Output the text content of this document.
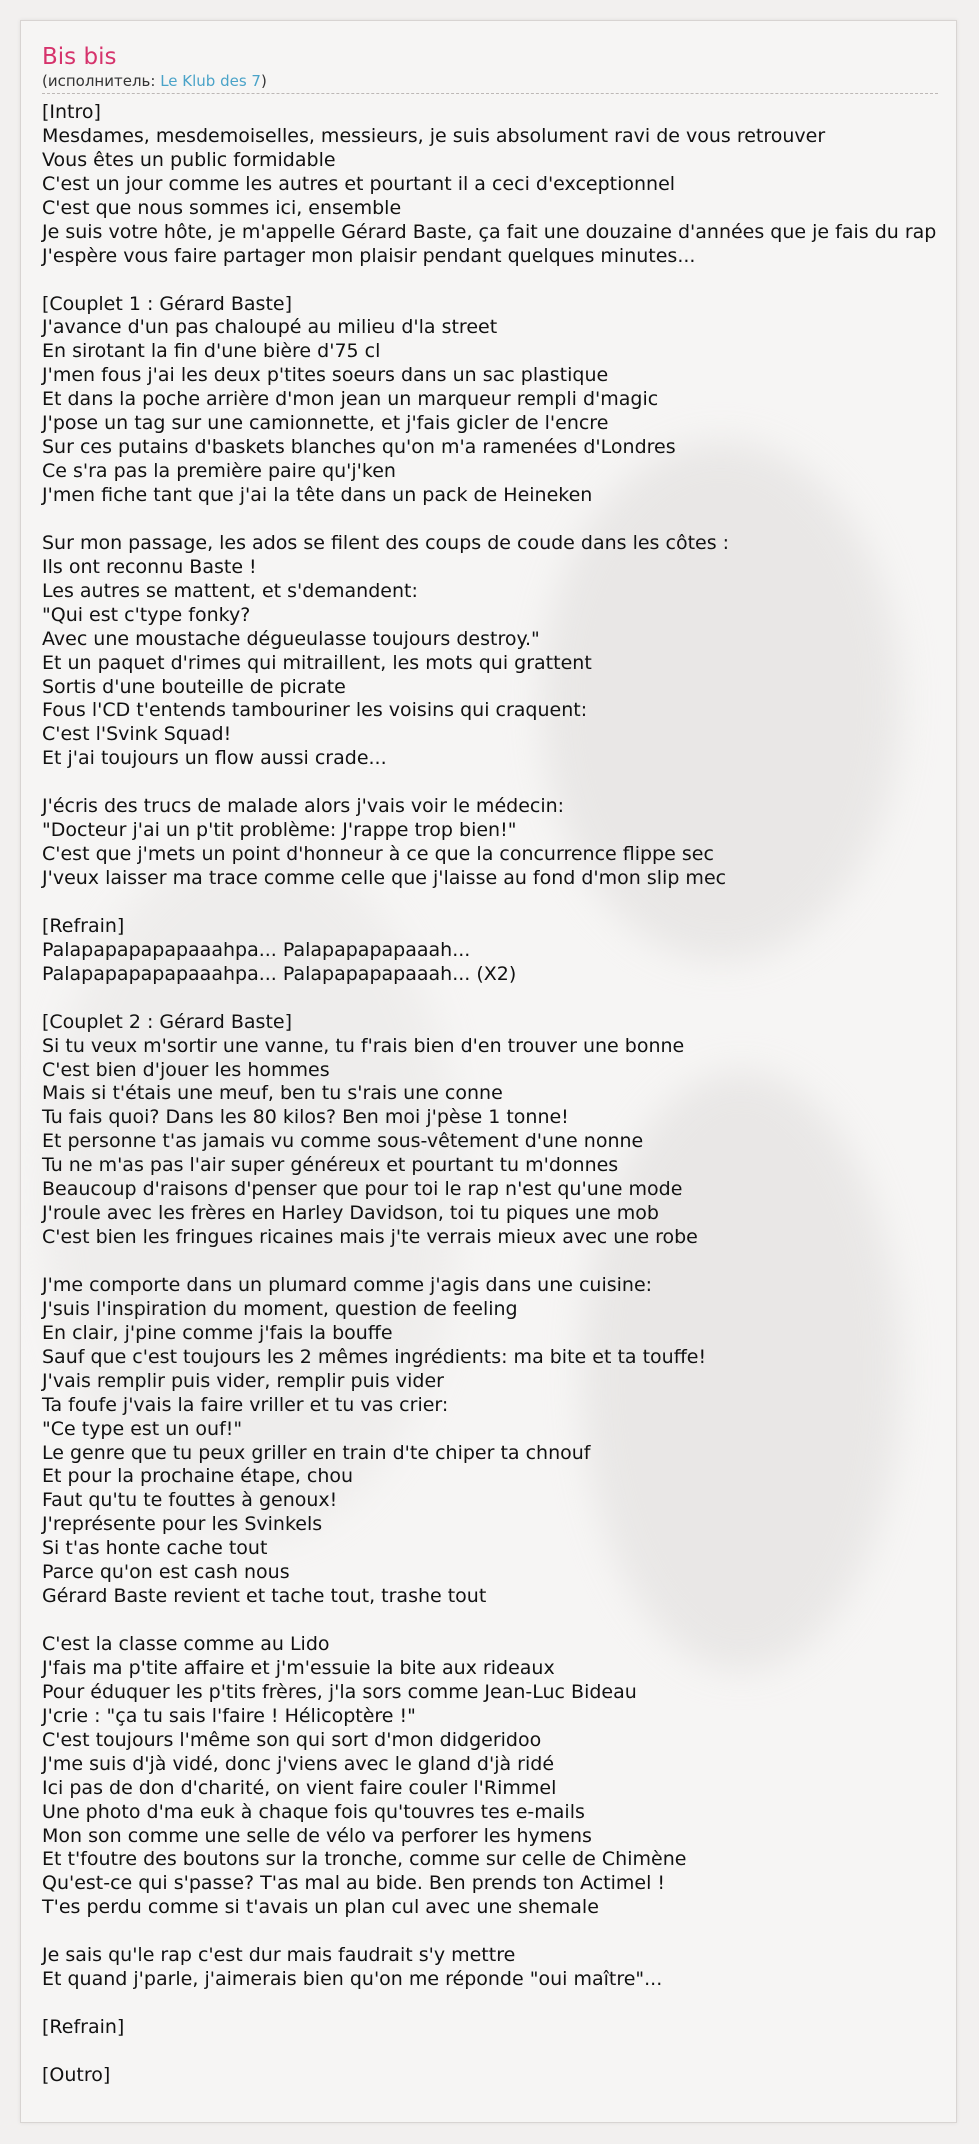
Bis bis
(исполнитель: Le Klub des 7)
[Intro]
Mesdames, mesdemoiselles, messieurs, je suis absolument ravi de vous retrouver
Vous êtes un public formidable
C'est un jour comme les autres et pourtant il a ceci d'exceptionnel
C'est que nous sommes ici, ensemble
Je suis votre hôte, je m'appelle Gérard Baste, ça fait une douzaine d'années que je fais du rap
J'espère vous faire partager mon plaisir pendant quelques minutes...
[Couplet 1 : Gérard Baste]
J'avance d'un pas chaloupé au milieu d'la street
En sirotant la fin d'une bière d'75 cl
J'men fous j'ai les deux p'tites soeurs dans un sac plastique
Et dans la poche arrière d'mon jean un marqueur rempli d'magic
J'pose un tag sur une camionnette, et j'fais gicler de l'encre
Sur ces putains d'baskets blanches qu'on m'a ramenées d'Londres
Ce s'ra pas la première paire qu'j'ken
J'men fiche tant que j'ai la tête dans un pack de Heineken
Sur mon passage, les ados se filent des coups de coude dans les côtes :
Ils ont reconnu Baste !
Les autres se mattent, et s'demandent:
"Qui est c'type fonky?
Avec une moustache dégueulasse toujours destroy."
Et un paquet d'rimes qui mitraillent, les mots qui grattent
Sortis d'une bouteille de picrate
Fous l'CD t'entends tambouriner les voisins qui craquent:
C'est l'Svink Squad!
Et j'ai toujours un flow aussi crade...
J'écris des trucs de malade alors j'vais voir le médecin:
"Docteur j'ai un p'tit problème: J'rappe trop bien!"
C'est que j'mets un point d'honneur à ce que la concurrence flippe sec
J'veux laisser ma trace comme celle que j'laisse au fond d'mon slip mec
[Refrain]
Palapapapapapaaahpa... Palapapapapaaah...
Palapapapapapaaahpa... Palapapapapaaah... (X2)
[Couplet 2 : Gérard Baste]
Si tu veux m'sortir une vanne, tu f'rais bien d'en trouver une bonne
C'est bien d'jouer les hommes
Mais si t'étais une meuf, ben tu s'rais une conne
Tu fais quoi? Dans les 80 kilos? Ben moi j'pèse 1 tonne!
Et personne t'as jamais vu comme sous-vêtement d'une nonne
Tu ne m'as pas l'air super généreux et pourtant tu m'donnes
Beaucoup d'raisons d'penser que pour toi le rap n'est qu'une mode
J'roule avec les frères en Harley Davidson, toi tu piques une mob
C'est bien les fringues ricaines mais j'te verrais mieux avec une robe
J'me comporte dans un plumard comme j'agis dans une cuisine:
J'suis l'inspiration du moment, question de feeling
En clair, j'pine comme j'fais la bouffe
Sauf que c'est toujours les 2 mêmes ingrédients: ma bite et ta touffe!
J'vais remplir puis vider, remplir puis vider
Ta foufe j'vais la faire vriller et tu vas crier:
"Ce type est un ouf!"
Le genre que tu peux griller en train d'te chiper ta chnouf
Et pour la prochaine étape, chou
Faut qu'tu te fouttes à genoux!
J'représente pour les Svinkels
Si t'as honte cache tout
Parce qu'on est cash nous
Gérard Baste revient et tache tout, trashe tout
C'est la classe comme au Lido
J'fais ma p'tite affaire et j'm'essuie la bite aux rideaux
Pour éduquer les p'tits frères, j'la sors comme Jean-Luc Bideau
J'crie : "ça tu sais l'faire ! Hélicoptère !"
C'est toujours l'même son qui sort d'mon didgeridoo
J'me suis d'jà vidé, donc j'viens avec le gland d'jà ridé
Ici pas de don d'charité, on vient faire couler l'Rimmel
Une photo d'ma euk à chaque fois qu'touvres tes e-mails
Mon son comme une selle de vélo va perforer les hymens
Et t'foutre des boutons sur la tronche, comme sur celle de Chimène
Qu'est-ce qui s'passe? T'as mal au bide. Ben prends ton Actimel !
T'es perdu comme si t'avais un plan cul avec une shemale
Je sais qu'le rap c'est dur mais faudrait s'y mettre
Et quand j'parle, j'aimerais bien qu'on me réponde "oui maître"...
[Refrain]
[Outro]
